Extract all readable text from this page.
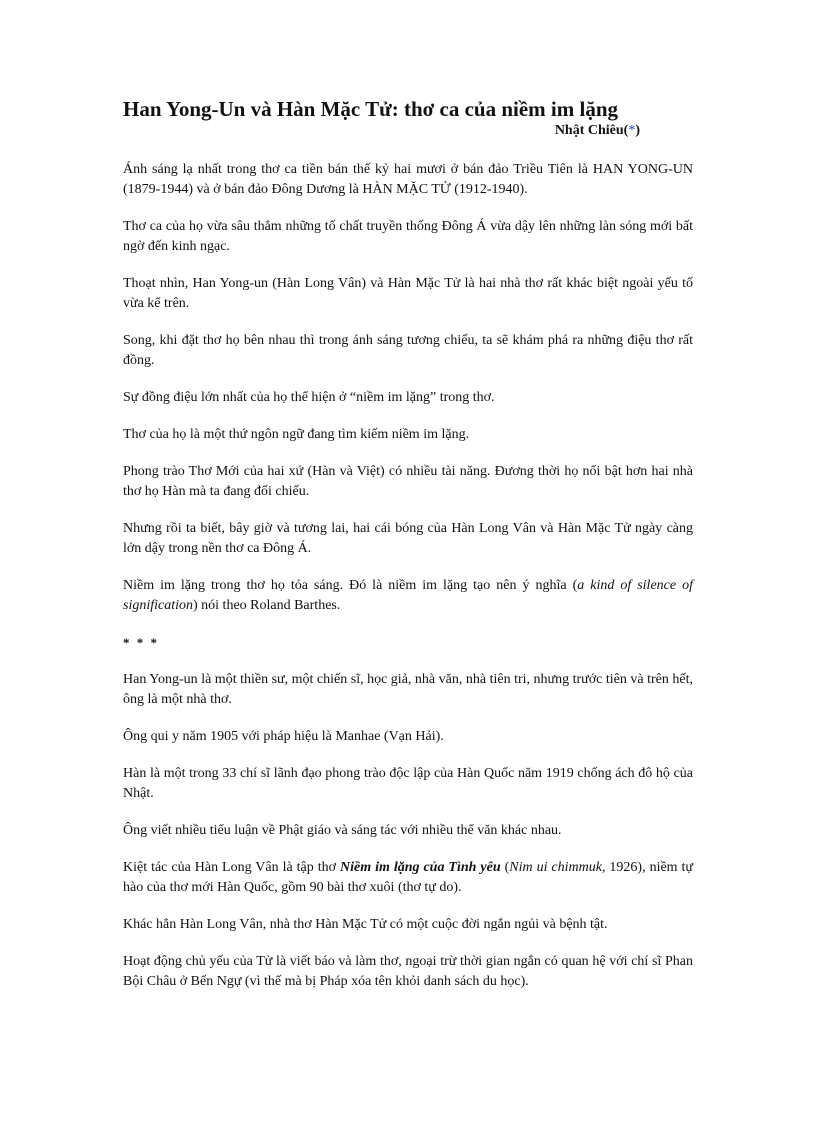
Han Yong-Un và Hàn Mặc Tử: thơ ca của niềm im lặng
Nhật Chiêu(*)

Ánh sáng lạ nhất trong thơ ca tiền bán thế kỷ hai mươi ở bán đảo Triều Tiên là HAN YONG-UN (1879-1944) và ở bán đảo Đông Dương là HÀN MẶC TỬ (1912-1940).

Thơ ca của họ vừa sâu thẳm những tố chất truyền thống Đông Á vừa dậy lên những làn sóng mới bất ngờ đến kinh ngạc.

Thoạt nhìn, Han Yong-un (Hàn Long Vân) và Hàn Mặc Tử là hai nhà thơ rất khác biệt ngoài yếu tố vừa kể trên.

Song, khi đặt thơ họ bên nhau thì trong ánh sáng tương chiếu, ta sẽ khám phá ra những điệu thơ rất đồng.

Sự đồng điệu lớn nhất của họ thể hiện ở “niềm im lặng” trong thơ.

Thơ của họ là một thứ ngôn ngữ đang tìm kiếm niềm im lặng.

Phong trào Thơ Mới của hai xứ (Hàn và Việt) có nhiều tài năng. Đương thời họ nổi bật hơn hai nhà thơ họ Hàn mà ta đang đối chiếu.

Nhưng rồi ta biết, bây giờ và tương lai, hai cái bóng của Hàn Long Vân và Hàn Mặc Tử ngày càng lớn dậy trong nền thơ ca Đông Á.

Niềm im lặng trong thơ họ tỏa sáng. Đó là niềm im lặng tạo nên ý nghĩa (a kind of silence of signification) nói theo Roland Barthes.

* * *

Han Yong-un là một thiền sư, một chiến sĩ, học giả, nhà văn, nhà tiên tri, nhưng trước tiên và trên hết, ông là một nhà thơ.

Ông qui y năm 1905 với pháp hiệu là Manhae (Vạn Hải).

Hàn là một trong 33 chí sĩ lãnh đạo phong trào độc lập của Hàn Quốc năm 1919 chống ách đô hộ của Nhật.

Ông viết nhiều tiểu luận về Phật giáo và sáng tác với nhiều thể văn khác nhau.

Kiệt tác của Hàn Long Vân là tập thơ Niềm im lặng của Tình yêu (Nim ui chimmuk, 1926), niềm tự hào của thơ mới Hàn Quốc, gồm 90 bài thơ xuôi (thơ tự do).

Khác hẳn Hàn Long Vân, nhà thơ Hàn Mặc Tử có một cuộc đời ngắn ngủi và bệnh tật.

Hoạt động chủ yếu của Tử là viết báo và làm thơ, ngoại trừ thời gian ngắn có quan hệ với chí sĩ Phan Bội Châu ở Bến Ngự (vì thế mà bị Pháp xóa tên khỏi danh sách du học).
